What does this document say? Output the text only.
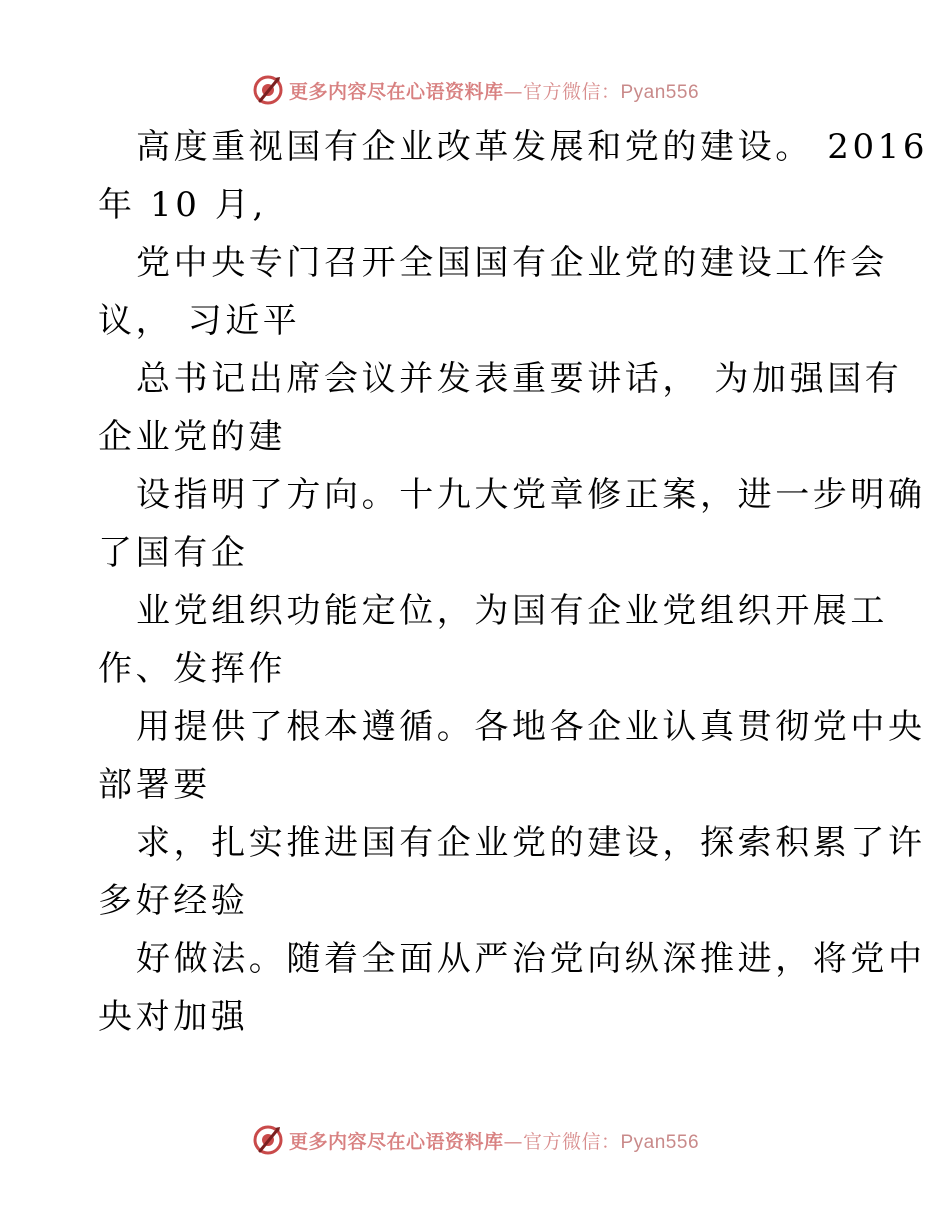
更多内容尽在心语资料库—官方微信：Pyan556
高度重视国有企业改革发展和党的建设。 2016
年 10 月,
党中央专门召开全国国有企业党的建设工作会
议， 习近平
总书记出席会议并发表重要讲话， 为加强国有
企业党的建
设指明了方向。十九大党章修正案，进一步明确
了国有企
业党组织功能定位，为国有企业党组织开展工
作、发挥作
用提供了根本遵循。各地各企业认真贯彻党中央
部署要
求，扎实推进国有企业党的建设，探索积累了许
多好经验
好做法。随着全面从严治党向纵深推进，将党中
央对加强
更多内容尽在心语资料库—官方微信：Pyan556
